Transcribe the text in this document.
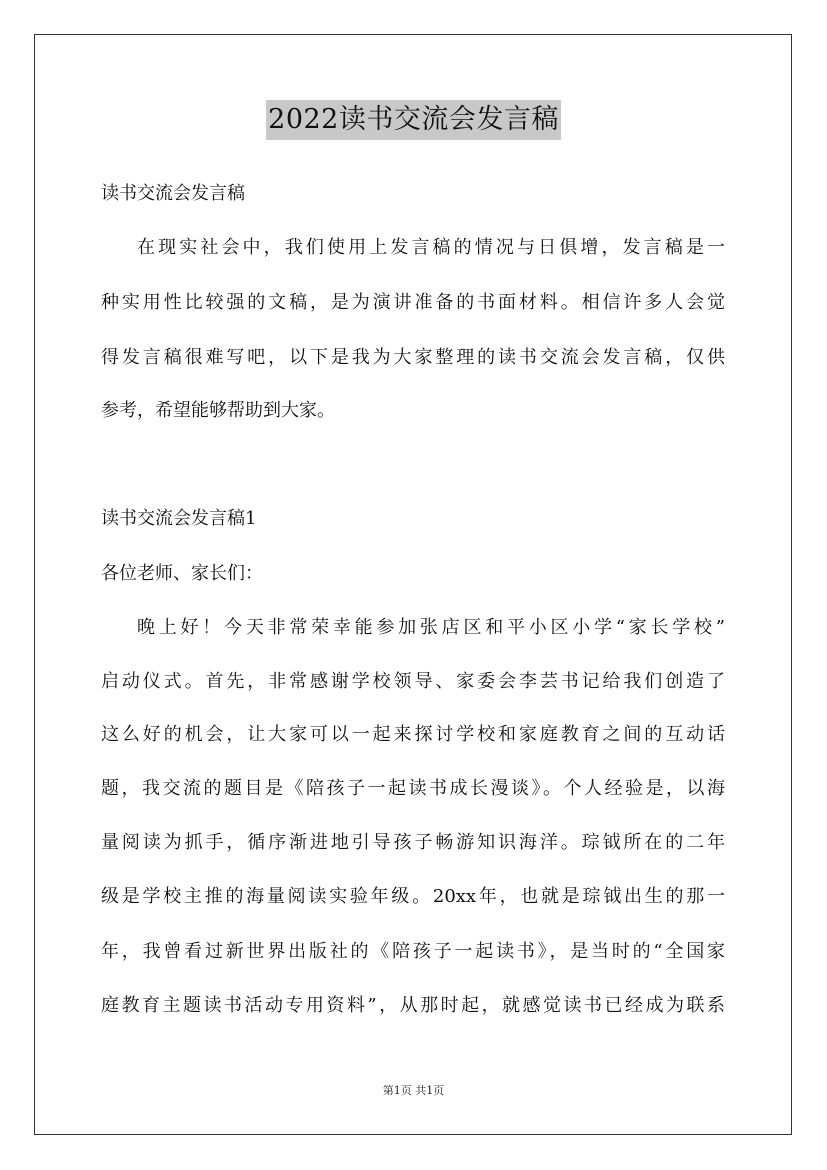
2022读书交流会发言稿
读书交流会发言稿
在现实社会中，我们使用上发言稿的情况与日俱增，发言稿是一
种实用性比较强的文稿，是为演讲准备的书面材料。相信许多人会觉
得发言稿很难写吧，以下是我为大家整理的读书交流会发言稿，仅供
参考，希望能够帮助到大家。
读书交流会发言稿1
各位老师、家长们：
晚上好！今天非常荣幸能参加张店区和平小区小学“家长学校”
启动仪式。首先，非常感谢学校领导、家委会李芸书记给我们创造了
这么好的机会，让大家可以一起来探讨学校和家庭教育之间的互动话
题，我交流的题目是《陪孩子一起读书成长漫谈》。个人经验是，以海
量阅读为抓手，循序渐进地引导孩子畅游知识海洋。琮钺所在的二年
级是学校主推的海量阅读实验年级。20xx年，也就是琮钺出生的那一
年，我曾看过新世界出版社的《陪孩子一起读书》，是当时的“全国家
庭教育主题读书活动专用资料”，从那时起，就感觉读书已经成为联系
第1页 共1页
